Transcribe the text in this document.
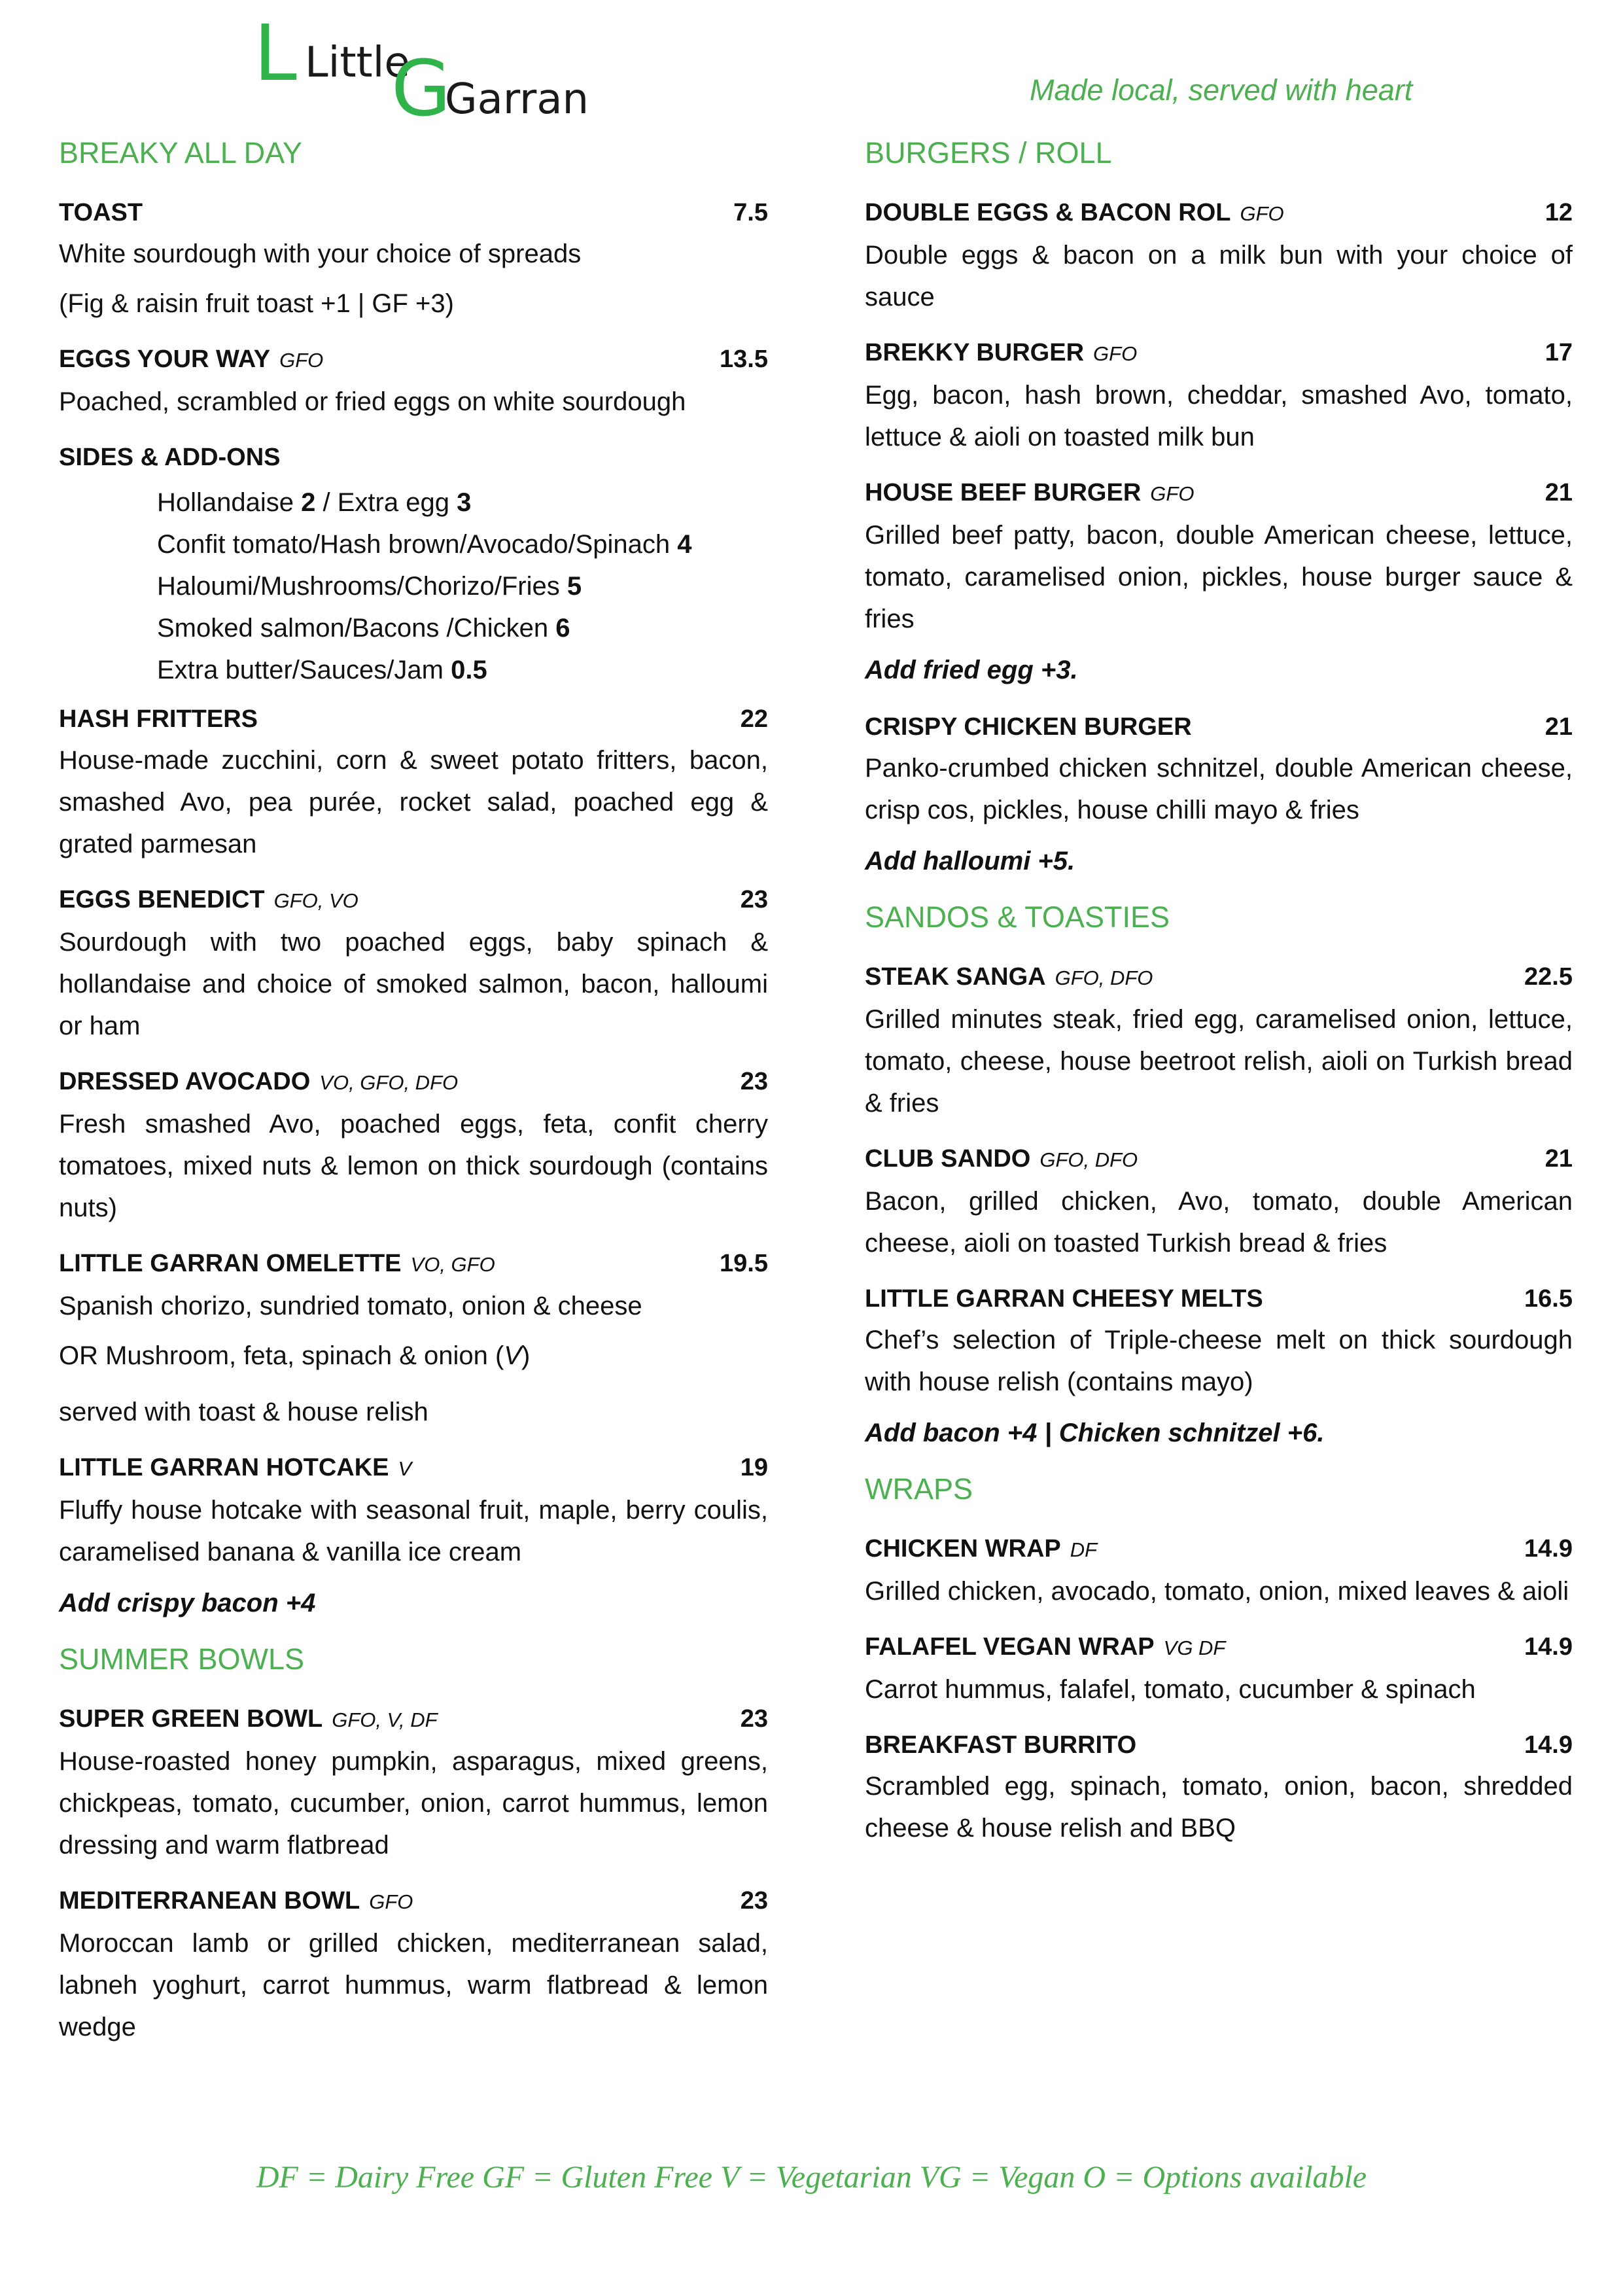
L Little
G
Garran	Made local, served with heart
BREAKY ALL DAY
TOAST	7.5
White sourdough with your choice of spreads
(Fig & raisin fruit toast +1 | GF +3)
EGGS YOUR WAY GFO	13.5
Poached, scrambled or fried eggs on white sourdough
SIDES & ADD-ONS
Hollandaise 2 / Extra egg 3
Confit tomato/Hash brown/Avocado/Spinach 4
Haloumi/Mushrooms/Chorizo/Fries 5
Smoked salmon/Bacons /Chicken 6
Extra butter/Sauces/Jam 0.5
HASH FRITTERS	22
House-made zucchini, corn & sweet potato fritters, bacon, smashed Avo, pea purée, rocket salad, poached egg & grated parmesan
EGGS BENEDICT GFO, VO	23
Sourdough with two poached eggs, baby spinach & hollandaise and choice of smoked salmon, bacon, halloumi or ham
DRESSED AVOCADO VO, GFO, DFO	23
Fresh smashed Avo, poached eggs, feta, confit cherry tomatoes, mixed nuts & lemon on thick sourdough (contains nuts)
LITTLE GARRAN OMELETTE VO, GFO	19.5
Spanish chorizo, sundried tomato, onion & cheese
OR Mushroom, feta, spinach & onion (V)
served with toast & house relish
LITTLE GARRAN HOTCAKE V	19
Fluffy house hotcake with seasonal fruit, maple, berry coulis, caramelised banana & vanilla ice cream
Add crispy bacon +4
SUMMER BOWLS
SUPER GREEN BOWL GFO, V, DF	23
House-roasted honey pumpkin, asparagus, mixed greens, chickpeas, tomato, cucumber, onion, carrot hummus, lemon dressing and warm flatbread
MEDITERRANEAN BOWL GFO	23
Moroccan lamb or grilled chicken, mediterranean salad, labneh yoghurt, carrot hummus, warm flatbread & lemon wedge
BURGERS / ROLL
DOUBLE EGGS & BACON ROL GFO	12
Double eggs & bacon on a milk bun with your choice of sauce
BREKKY BURGER GFO	17
Egg, bacon, hash brown, cheddar, smashed Avo, tomato, lettuce & aioli on toasted milk bun
HOUSE BEEF BURGER GFO	21
Grilled beef patty, bacon, double American cheese, lettuce, tomato, caramelised onion, pickles, house burger sauce & fries
Add fried egg +3.
CRISPY CHICKEN BURGER	21
Panko-crumbed chicken schnitzel, double American cheese, crisp cos, pickles, house chilli mayo & fries
Add halloumi +5.
SANDOS & TOASTIES
STEAK SANGA GFO, DFO	22.5
Grilled minutes steak, fried egg, caramelised onion, lettuce, tomato, cheese, house beetroot relish, aioli on Turkish bread & fries
CLUB SANDO GFO, DFO	21
Bacon, grilled chicken, Avo, tomato, double American cheese, aioli on toasted Turkish bread & fries
LITTLE GARRAN CHEESY MELTS	16.5
Chef’s selection of Triple-cheese melt on thick sourdough with house relish (contains mayo)
Add bacon +4 | Chicken schnitzel +6.
WRAPS
CHICKEN WRAP DF	14.9
Grilled chicken, avocado, tomato, onion, mixed leaves & aioli
FALAFEL VEGAN WRAP VG DF	14.9
Carrot hummus, falafel, tomato, cucumber & spinach
BREAKFAST BURRITO	14.9
Scrambled egg, spinach, tomato, onion, bacon, shredded cheese & house relish and BBQ
DF = Dairy Free GF = Gluten Free V = Vegetarian VG = Vegan O = Options available
